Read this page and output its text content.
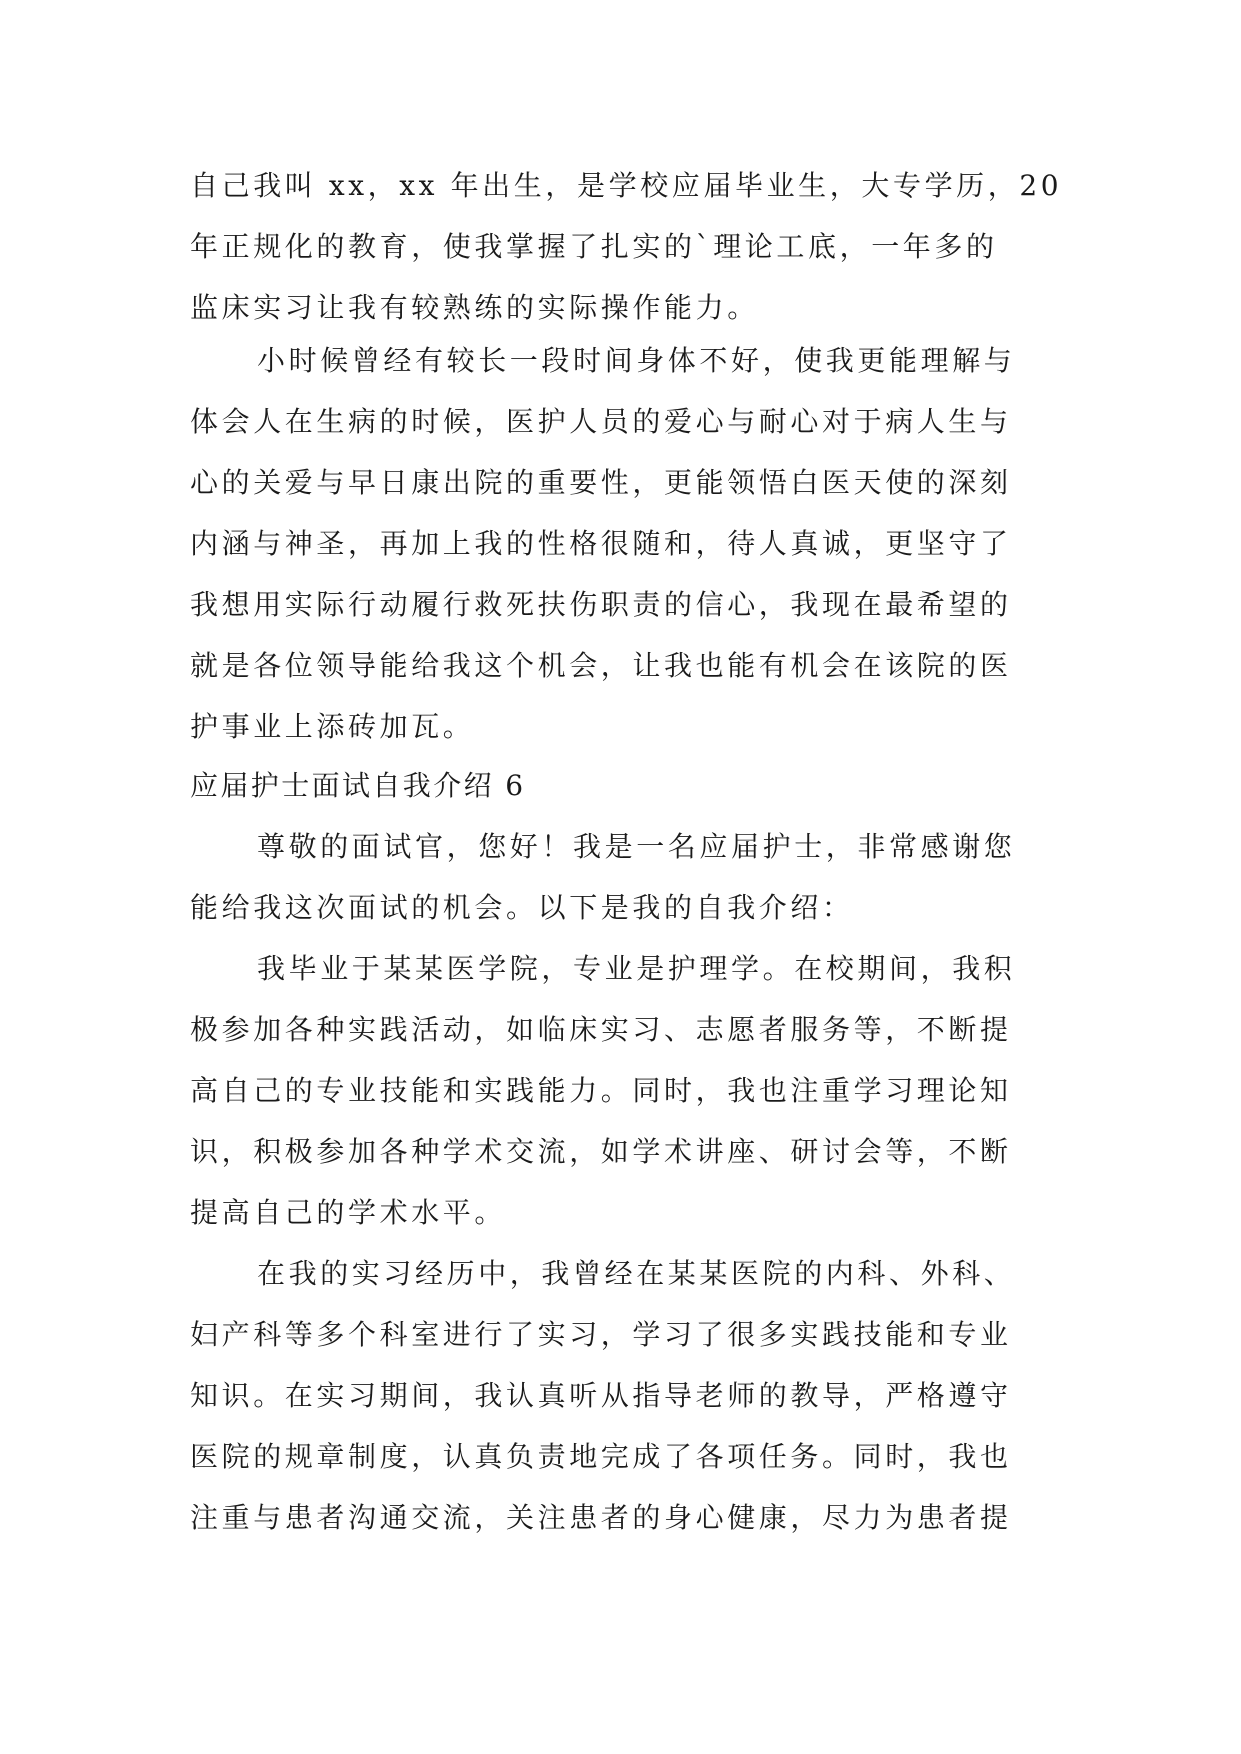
自己我叫 xx，xx 年出生，是学校应届毕业生，大专学历，20
年正规化的教育，使我掌握了扎实的`理论工底，一年多的
监床实习让我有较熟练的实际操作能力。
小时候曾经有较长一段时间身体不好，使我更能理解与
体会人在生病的时候，医护人员的爱心与耐心对于病人生与
心的关爱与早日康出院的重要性，更能领悟白医天使的深刻
内涵与神圣，再加上我的性格很随和，待人真诚，更坚守了
我想用实际行动履行救死扶伤职责的信心，我现在最希望的
就是各位领导能给我这个机会，让我也能有机会在该院的医
护事业上添砖加瓦。
应届护士面试自我介绍 6
尊敬的面试官，您好！我是一名应届护士，非常感谢您
能给我这次面试的机会。以下是我的自我介绍：
我毕业于某某医学院，专业是护理学。在校期间，我积
极参加各种实践活动，如临床实习、志愿者服务等，不断提
高自己的专业技能和实践能力。同时，我也注重学习理论知
识，积极参加各种学术交流，如学术讲座、研讨会等，不断
提高自己的学术水平。
在我的实习经历中，我曾经在某某医院的内科、外科、
妇产科等多个科室进行了实习，学习了很多实践技能和专业
知识。在实习期间，我认真听从指导老师的教导，严格遵守
医院的规章制度，认真负责地完成了各项任务。同时，我也
注重与患者沟通交流，关注患者的身心健康，尽力为患者提
